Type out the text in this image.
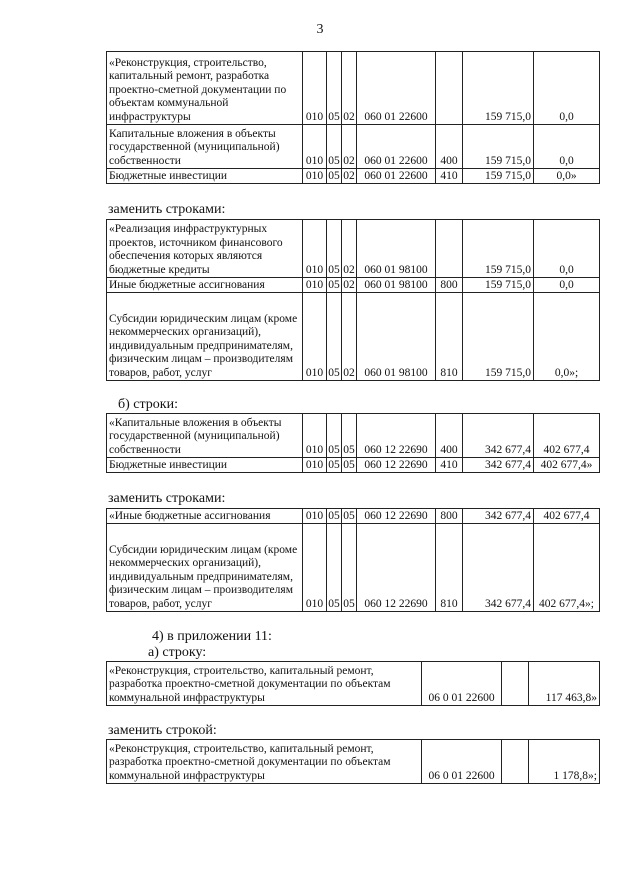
3
«Реконструкция, строительство, капитальный ремонт, разработка проектно-сметной документации по объектам коммунальной инфраструктуры	010	05	02	060 01 22600		159 715,0	0,0
Капитальные вложения в объекты государственной (муниципальной) собственности	010	05	02	060 01 22600	400	159 715,0	0,0
Бюджетные инвестиции	010	05	02	060 01 22600	410	159 715,0	0,0»
заменить строками:
«Реализация инфраструктурных проектов, источником финансового обеспечения которых являются бюджетные кредиты	010	05	02	060 01 98100		159 715,0	0,0
Иные бюджетные ассигнования	010	05	02	060 01 98100	800	159 715,0	0,0
Субсидии юридическим лицам (кроме некоммерческих организаций), индивидуальным предпринимателям, физическим лицам – производителям товаров, работ, услуг	010	05	02	060 01 98100	810	159 715,0	0,0»;
б) строки:
«Капитальные вложения в объекты государственной (муниципальной) собственности	010	05	05	060 12 22690	400	342 677,4	402 677,4
Бюджетные инвестиции	010	05	05	060 12 22690	410	342 677,4	402 677,4»
заменить строками:
«Иные бюджетные ассигнования	010	05	05	060 12 22690	800	342 677,4	402 677,4
Субсидии юридическим лицам (кроме некоммерческих организаций), индивидуальным предпринимателям, физическим лицам – производителям товаров, работ, услуг	010	05	05	060 12 22690	810	342 677,4	402 677,4»;
4) в приложении 11:
а) строку:
«Реконструкция, строительство, капитальный ремонт, разработка проектно-сметной документации по объектам коммунальной инфраструктуры	06 0 01 22600		117 463,8»
заменить строкой:
«Реконструкция, строительство, капитальный ремонт, разработка проектно-сметной документации по объектам коммунальной инфраструктуры	06 0 01 22600		1 178,8»;
